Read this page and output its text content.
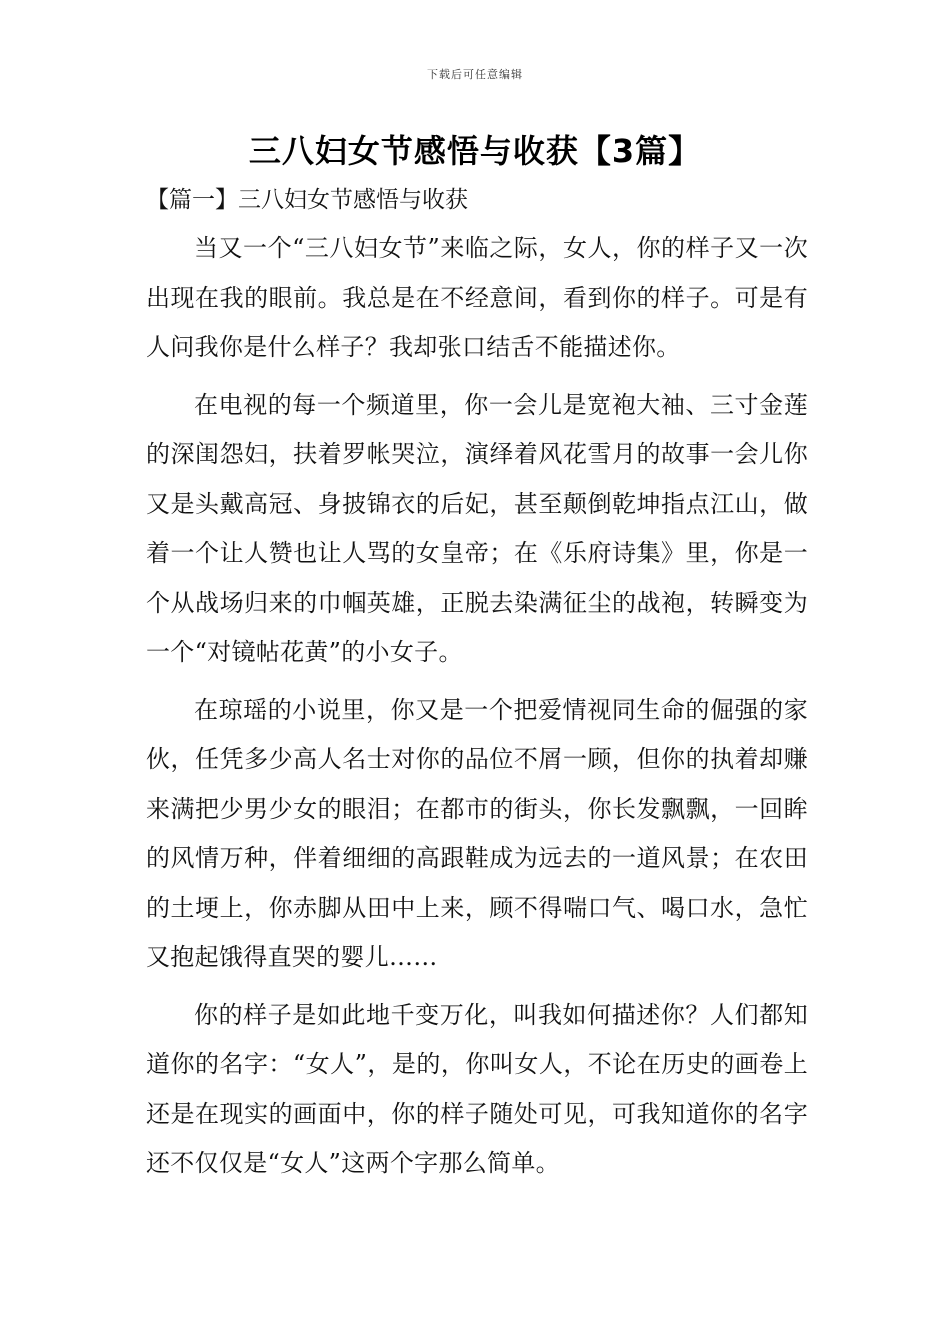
下载后可任意编辑
三八妇女节感悟与收获【3篇】
【篇一】三八妇女节感悟与收获

当又一个“三八妇女节”来临之际，女人，你的样子又一次出现在我的眼前。我总是在不经意间，看到你的样子。可是有人问我你是什么样子？我却张口结舌不能描述你。

在电视的每一个频道里，你一会儿是宽袍大袖、三寸金莲的深闺怨妇，扶着罗帐哭泣，演绎着风花雪月的故事一会儿你又是头戴高冠、身披锦衣的后妃，甚至颠倒乾坤指点江山，做着一个让人赞也让人骂的女皇帝；在《乐府诗集》里，你是一个从战场归来的巾帼英雄，正脱去染满征尘的战袍，转瞬变为一个“对镜帖花黄”的小女子。

在琼瑶的小说里，你又是一个把爱情视同生命的倔强的家伙，任凭多少高人名士对你的品位不屑一顾，但你的执着却赚来满把少男少女的眼泪；在都市的街头，你长发飘飘，一回眸的风情万种，伴着细细的高跟鞋成为远去的一道风景；在农田的土埂上，你赤脚从田中上来，顾不得喘口气、喝口水，急忙又抱起饿得直哭的婴儿……

你的样子是如此地千变万化，叫我如何描述你？人们都知道你的名字：“女人”，是的，你叫女人，不论在历史的画卷上还是在现实的画面中，你的样子随处可见，可我知道你的名字还不仅仅是“女人”这两个字那么简单。
